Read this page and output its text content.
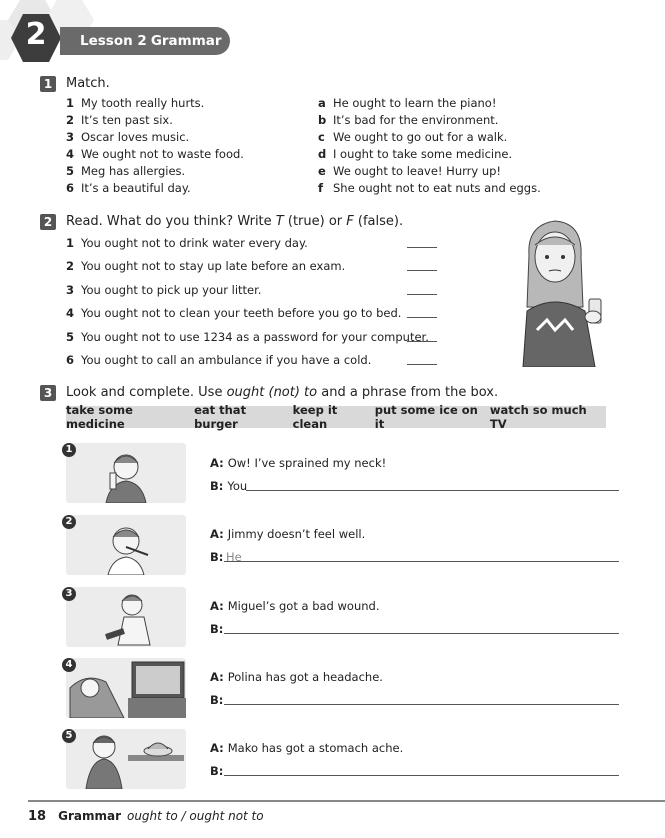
2	Lesson 2 Grammar
1 Match.
1 My tooth really hurts.
2 It’s ten past six.
3 Oscar loves music.
4 We ought not to waste food.
5 Meg has allergies.
6 It’s a beautiful day.
a He ought to learn the piano!
b It’s bad for the environment.
c We ought to go out for a walk.
d I ought to take some medicine.
e We ought to leave! Hurry up!
f She ought not to eat nuts and eggs.
2 Read. What do you think? Write T (true) or F (false).
1 You ought not to drink water every day.
2 You ought not to stay up late before an exam.
3 You ought to pick up your litter.
4 You ought not to clean your teeth before you go to bed.
5 You ought not to use 1234 as a password for your computer.
6 You ought to call an ambulance if you have a cold.
3 Look and complete. Use ought (not) to and a phrase from the box.
take some medicine
eat that burger
keep it clean
put some ice on it
watch so much TV
1
A: Ow! I’ve sprained my neck!
B: You
2
A: Jimmy doesn’t feel well.
B: He
3
A: Miguel’s got a bad wound.
B:
4
A: Polina has got a headache.
B:
5
A: Mako has got a stomach ache.
B:
18 Grammar ought to / ought not to
